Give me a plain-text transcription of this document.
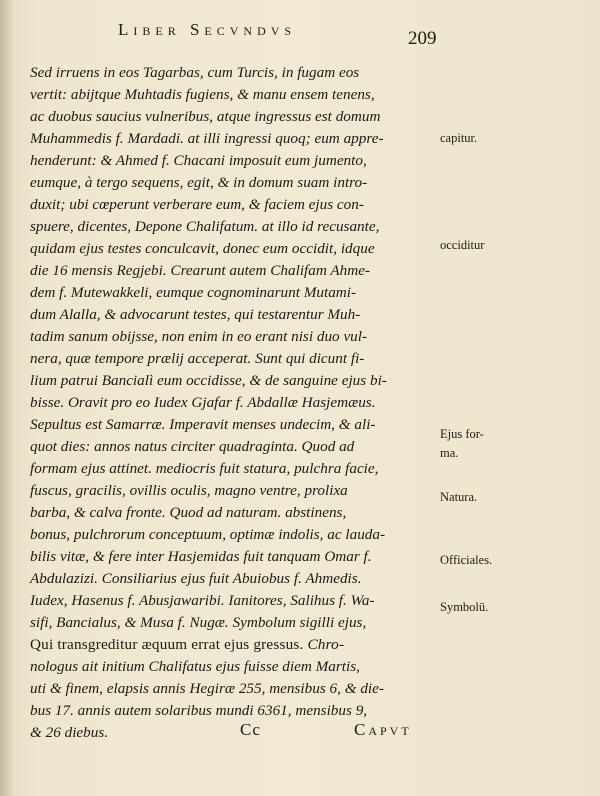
Liber Secvndvs	209
Sed irruens in eos Tagarbas, cum Turcis, in fugam eos
vertit: abijtque Muhtadis fugiens, & manu ensem tenens,
ac duobus saucius vulneribus, atque ingressus est domum
Muhammedis f. Mardadi. at illi ingressi quoq; eum appre-
henderunt: & Ahmed f. Chacani imposuit eum jumento,
eumque, à tergo sequens, egit, & in domum suam intro-
duxit; ubi cœperunt verberare eum, & faciem ejus con-
spuere, dicentes, Depone Chalifatum. at illo id recusante,
quidam ejus testes conculcavit, donec eum occidit, idque
die 16 mensis Regjebi. Crearunt autem Chalifam Ahme-
dem f. Mutewakkeli, eumque cognominarunt Mutami-
dum Alalla, & advocarunt testes, qui testarentur Muh-
tadim sanum obijsse, non enim in eo erant nisi duo vul-
nera, quæ tempore prælij acceperat. Sunt qui dicunt fi-
lium patrui Bancialì eum occidisse, & de sanguine ejus bi-
bisse. Oravit pro eo Iudex Gjafar f. Abdallæ Hasjemæus.
Sepultus est Samarræ. Imperavit menses undecim, & ali-
quot dies: annos natus circiter quadraginta. Quod ad
formam ejus attinet. mediocris fuit statura, pulchra facie,
fuscus, gracilis, ovillis oculis, magno ventre, prolixa
barba, & calva fronte. Quod ad naturam. abstinens,
bonus, pulchrorum conceptuum, optimæ indolis, ac lauda-
bilis vitæ, & fere inter Hasjemidas fuit tanquam Omar f.
Abdulazizi. Consiliarius ejus fuit Abuiobus f. Ahmedis.
Iudex, Hasenus f. Abusjawaribi. Ianitores, Salihus f. Wa-
sifi, Bancialus, & Musa f. Nugæ. Symbolum sigilli ejus,
Qui transgreditur æquum errat ejus gressus. Chro-
nologus ait initium Chalifatus ejus fuisse diem Martis,
uti & finem, elapsis annis Hegiræ 255, mensibus 6, & die-
bus 17. annis autem solaribus mundi 6361, mensibus 9,
& 26 diebus.
capitur.
occiditur
Ejus for-
ma.
Natura.
Officiales.
Symbolū.
Cc	Capvt
